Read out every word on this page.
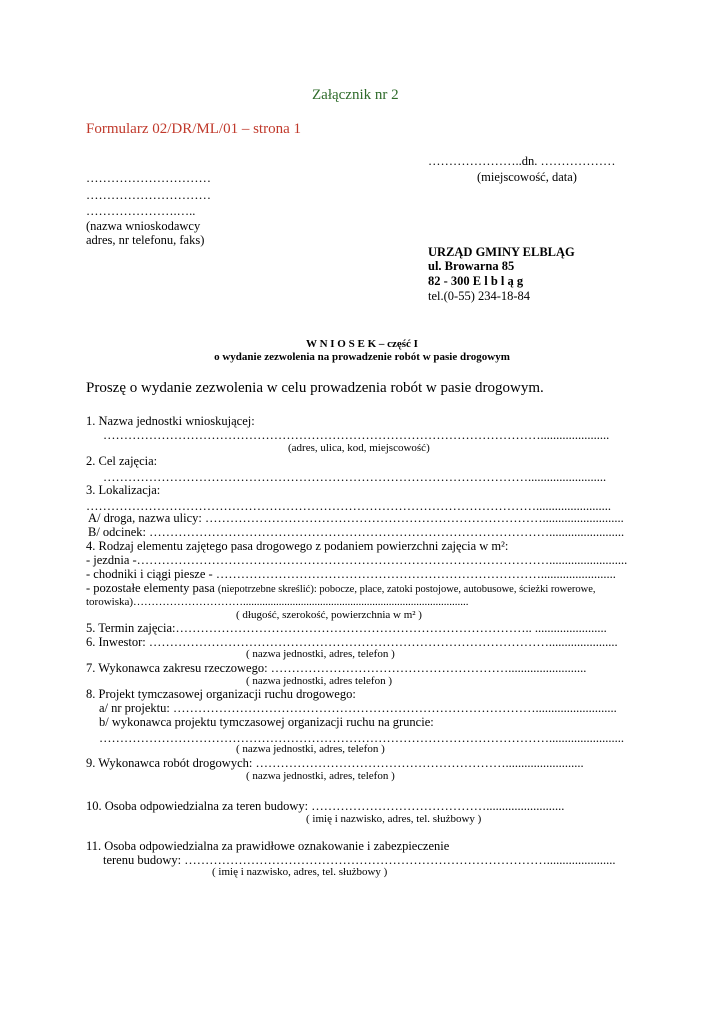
Załącznik nr 2
Formularz 02/DR/ML/01 – strona 1
…………………..dn. ………………
(miejscowość, data)
…………………………
…………………………
………………….…..
(nazwa wnioskodawcy
adres, nr telefonu, faks)
URZĄD GMINY ELBLĄG
ul. Browarna 85
82 - 300 E l b l ą g
tel.(0-55) 234-18-84
W N I O S E K – część I
o wydanie zezwolenia na prowadzenie robót w pasie drogowym
Proszę o wydanie zezwolenia w celu prowadzenia robót w pasie drogowym.
1. Nazwa jednostki wnioskującej:
……………………………………………………………………………………………......................
(adres, ulica, kod, miejscowość)
2. Cel zajęcia:
………………………………………………………………………………………….........................
3. Lokalizacja:
………………………………………………………………………………………………........................
A/ droga, nazwa ulicy: ………………………………………………………………………..........................
B/ odcinek: ……………………………………………………………………………………........................
4. Rodzaj elementu zajętego pasa drogowego z podaniem powierzchni zajęcia w m²:
- jezdnia -……………………………………………………………………………………….........................
- chodniki i ciągi piesze - ……………………………………………………………………........................
- pozostałe elementy pasa (niepotrzebne skreślić): pobocze, place, zatoki postojowe, autobusowe, ścieżki rowerowe,
torowiska)…………………………..................................................................................
( długość, szerokość, powierzchnia w m² )
5. Termin zajęcia:………………………………………………………………………….. .......................
6. Inwestor: ……………………………………………………………………………………......................
( nazwa jednostki, adres, telefon )
7. Wykonawca zakresu rzeczowego: ………………………………………………….........................
( nazwa jednostki, adres telefon )
8. Projekt tymczasowej organizacji ruchu drogowego:
a/ nr projektu: ……………………………………………………………………………..........................
b/ wykonawca projektu tymczasowej organizacji ruchu na gruncie:
………………………………………………………………………………………………........................
( nazwa jednostki, adres, telefon )
9. Wykonawca robót drogowych: …………………………………………………….........................
( nazwa jednostki, adres, telefon )
10. Osoba odpowiedzialna za teren budowy: …………………………………….........................
( imię i nazwisko, adres, tel. służbowy )
11. Osoba odpowiedzialna za prawidłowe oznakowanie i zabezpieczenie
terenu budowy: ……………………………………………………………………………......................
( imię i nazwisko, adres, tel. służbowy )
